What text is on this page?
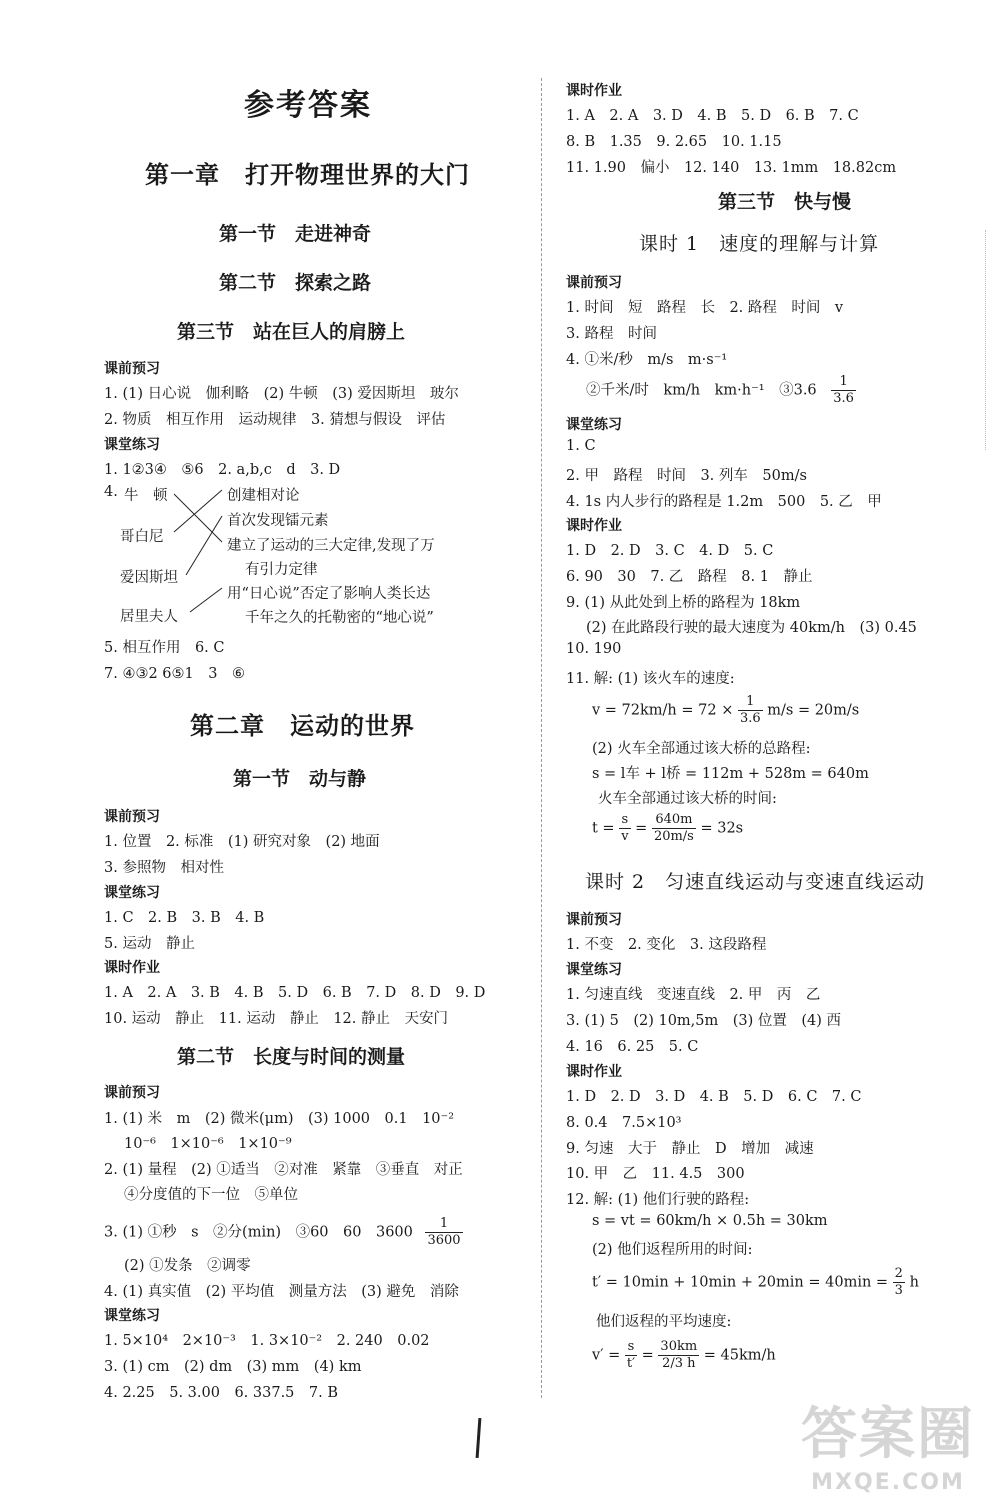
参考答案
第一章　打开物理世界的大门
第一节　走进神奇
第二节　探索之路
第三节　站在巨人的肩膀上
课前预习
1. (1) 日心说　伽利略　(2) 牛顿　(3) 爱因斯坦　玻尔
2. 物质　相互作用　运动规律　3. 猜想与假设　评估
课堂练习
1. 1②3④　⑤6　2. a,b,c　d　3. D
4. 牛　顿
哥白尼
爱因斯坦
居里夫人
创建相对论
首次发现镭元素
建立了运动的三大定律,发现了万
有引力定律
用“日心说”否定了影响人类长达
千年之久的托勒密的“地心说”
5. 相互作用　6. C
7. ④③2 6⑤1　3　⑥
第二章　运动的世界
第一节　动与静
课前预习
1. 位置　2. 标准　(1) 研究对象　(2) 地面
3. 参照物　相对性
课堂练习
1. C　2. B　3. B　4. B
5. 运动　静止
课时作业
1. A　2. A　3. B　4. B　5. D　6. B　7. D　8. D　9. D
10. 运动　静止　11. 运动　静止　12. 静止　天安门
第二节　长度与时间的测量
课前预习
1. (1) 米　m　(2) 微米(μm)　(3) 1000　0.1　10⁻²
10⁻⁶　1×10⁻⁶　1×10⁻⁹
2. (1) 量程　(2) ①适当　②对准　紧靠　③垂直　对正
④分度值的下一位　⑤单位
3. (1) ①秒　s　②分(min)　③60　60　$3600 \frac{1}{3600}$
(2) ①发条　②调零
4. (1) 真实值　(2) 平均值　测量方法　(3) 避免　消除
课堂练习
1. 5×10⁴　2×10⁻³　1. 3×10⁻²　2. 240　0.02
3. (1) cm　(2) dm　(3) mm　(4) km
4. 2.25　5. 3.00　6. 337.5　7. B
课时作业
1. A　2. A　3. D　4. B　5. D　6. B　7. C
8. B　1.35　9. 2.65　10. 1.15
11. 1.90　偏小　12. 140　13. 1mm　18.82cm
第三节　快与慢
课时 1　速度的理解与计算
课前预习
1. 时间　短　路程　长　2. 路程　时间　v
3. 路程　时间
4. ①米/秒　m/s　m·s⁻¹
②千米/时　km/h　km·h⁻¹　③3.6 $\frac{1}{3.6}$
课堂练习
1. C
2. 甲　路程　时间　3. 列车　50m/s
4. 1s 内人步行的路程是 1.2m　500　5. 乙　甲
课时作业
1. D　2. D　3. C　4. D　5. C
6. 90　30　7. 乙　路程　8. 1　静止
9. (1) 从此处到上桥的路程为 18km
(2) 在此路段行驶的最大速度为 40km/h　(3) 0.45
10. 190
11. 解: (1) 该火车的速度:
$v = 72km/h = 72 \times \frac{1}{3.6} m/s = 20m/s$
(2) 火车全部通过该大桥的总路程:
s = l车 + l桥 = 112m + 528m = 640m
火车全部通过该大桥的时间:
$t = \frac{s}{v} = \frac{640m}{20m/s} = 32s$
课时 2　匀速直线运动与变速直线运动
课前预习
1. 不变　2. 变化　3. 这段路程
课堂练习
1. 匀速直线　变速直线　2. 甲　丙　乙
3. (1) 5　(2) 10m,5m　(3) 位置　(4) 西
4. 16　6. 25　5. C
课时作业
1. D　2. D　3. D　4. B　5. D　6. C　7. C
8. 0.4　7.5×10³
9. 匀速　大于　静止　D　增加　减速
10. 甲　乙　11. 4.5　300
12. 解: (1) 他们行驶的路程:
s = vt = 60km/h × 0.5h = 30km
(2) 他们返程所用的时间:
$t' = 10\min + 10\min + 20\min = 40\min = \frac{2}{3}$ h
他们返程的平均速度:
$v' = \frac{s}{t'} = \frac{30km}{2/3 h} = 45km/h$
答案圈
MXQE.COM
